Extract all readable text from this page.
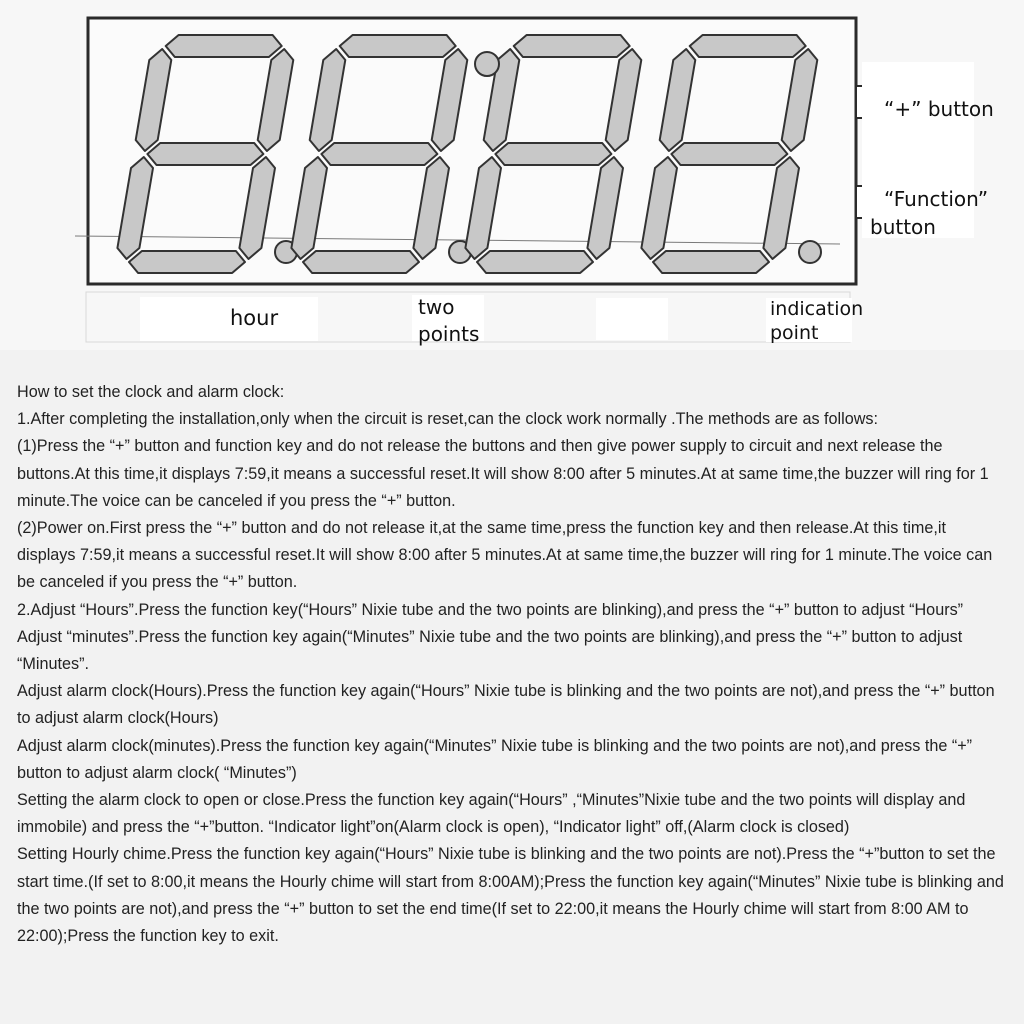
“+” button
“Function”
button
hour	two
points
indication
point

How to set the clock and alarm clock:

1.After completing the installation,only when the circuit is reset,can the clock work normally .The methods are as follows:

(1)Press the “+” button and function key and do not release the buttons and then give power supply to circuit and next release the buttons.At this time,it displays 7:59,it means a successful reset.It will show 8:00 after 5 minutes.At at same time,the buzzer will ring for 1 minute.The voice can be canceled if you press the “+” button.

(2)Power on.First press the “+” button and do not release it,at the same time,press the function key and then release.At this time,it displays 7:59,it means a successful reset.It will show 8:00 after 5 minutes.At at same time,the buzzer will ring for 1 minute.The voice can be canceled if you press the “+” button.

2.Adjust “Hours”.Press the function key(“Hours” Nixie tube and the two points are blinking),and press the “+” button to adjust “Hours”

Adjust “minutes”.Press the function key again(“Minutes” Nixie tube and the two points are blinking),and press the “+” button to adjust “Minutes”.

Adjust alarm clock(Hours).Press the function key again(“Hours” Nixie tube is blinking and the two points are not),and press the “+” button to adjust alarm clock(Hours)

Adjust alarm clock(minutes).Press the function key again(“Minutes” Nixie tube is blinking and the two points are not),and press the “+” button to adjust alarm clock( “Minutes”)

Setting the alarm clock to open or close.Press the function key again(“Hours” ,“Minutes”Nixie tube and the two points will display and immobile) and press the “+”button. “Indicator light”on(Alarm clock is open), “Indicator light” off,(Alarm clock is closed)

Setting Hourly chime.Press the function key again(“Hours” Nixie tube is blinking and the two points are not).Press the “+”button to set the start time.(If set to 8:00,it means the Hourly chime will start from 8:00AM);Press the function key again(“Minutes” Nixie tube is blinking and the two points are not),and press the “+” button to set the end time(If set to 22:00,it means the Hourly chime will start from 8:00 AM to 22:00);Press the function key to exit.
